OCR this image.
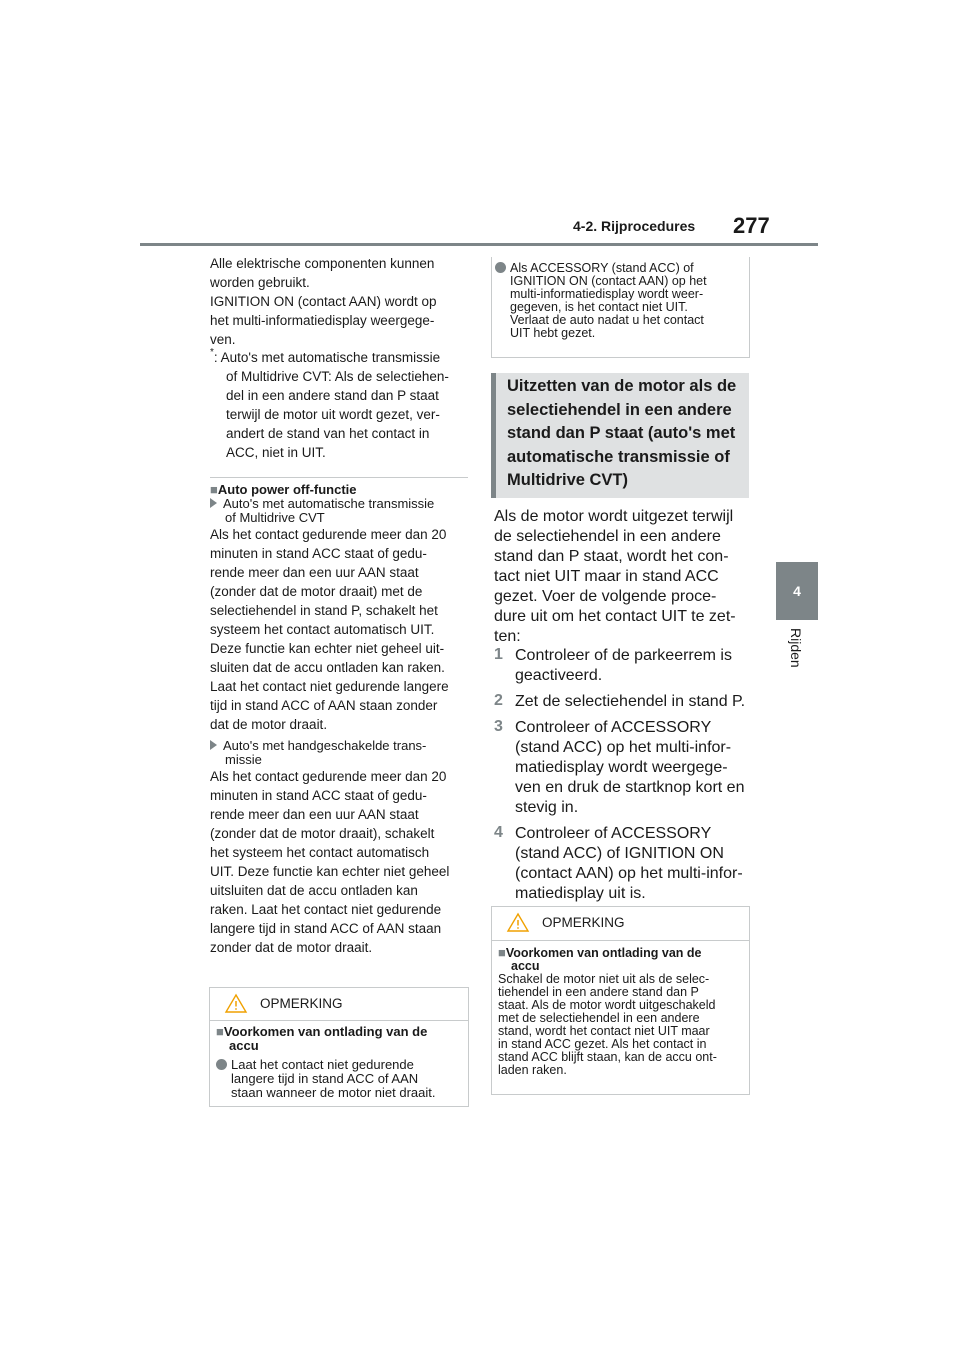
4-2. Rijprocedures 277
4
Rijden

Alle elektrische componenten kunnen

worden gebruikt.

IGNITION ON (contact AAN) wordt op

het multi-informatiedisplay weergege-

ven.

* : Auto's met automatische transmissie

of Multidrive CVT: Als de selectiehen-

del in een andere stand dan P staat

terwijl de motor uit wordt gezet, ver-

andert de stand van het contact in

ACC, niet in UIT.

■Auto power off-functie
Auto's met automatische transmissie
of Multidrive CVT

Als het contact gedurende meer dan 20

minuten in stand ACC staat of gedu-

rende meer dan een uur AAN staat

(zonder dat de motor draait) met de

selectiehendel in stand P, schakelt het

systeem het contact automatisch UIT.

Deze functie kan echter niet geheel uit-

sluiten dat de accu ontladen kan raken.

Laat het contact niet gedurende langere

tijd in stand ACC of AAN staan zonder

dat de motor draait.

Auto's met handgeschakelde trans-
missie

Als het contact gedurende meer dan 20

minuten in stand ACC staat of gedu-

rende meer dan een uur AAN staat

(zonder dat de motor draait), schakelt

het systeem het contact automatisch

UIT. Deze functie kan echter niet geheel

uitsluiten dat de accu ontladen kan

raken. Laat het contact niet gedurende

langere tijd in stand ACC of AAN staan

zonder dat de motor draait.

OPMERKING
■Voorkomen van ontlading van de
accu
Laat het contact niet gedurende
langere tijd in stand ACC of AAN
staan wanneer de motor niet draait.
Als ACCESSORY (stand ACC) of
IGNITION ON (contact AAN) op het
multi-informatiedisplay wordt weer-
gegeven, is het contact niet UIT.
Verlaat de auto nadat u het contact
UIT hebt gezet.
Uitzetten van de motor als de
selectiehendel in een andere
stand dan P staat (auto's met
automatische transmissie of
Multidrive CVT)

Als de motor wordt uitgezet terwijl

de selectiehendel in een andere

stand dan P staat, wordt het con-

tact niet UIT maar in stand ACC

gezet. Voer de volgende proce-

dure uit om het contact UIT te zet-

ten:

1 Controleer of de parkeerrem is

geactiveerd.

2 Zet de selectiehendel in stand P.

3 Controleer of ACCESSORY

(stand ACC) op het multi-infor-

matiedisplay wordt weergege-

ven en druk de startknop kort en

stevig in.

4 Controleer of ACCESSORY

(stand ACC) of IGNITION ON

(contact AAN) op het multi-infor-

matiedisplay uit is.

OPMERKING
■Voorkomen van ontlading van de
accu
Schakel de motor niet uit als de selec-
tiehendel in een andere stand dan P
staat. Als de motor wordt uitgeschakeld
met de selectiehendel in een andere
stand, wordt het contact niet UIT maar
in stand ACC gezet. Als het contact in
stand ACC blijft staan, kan de accu ont-
laden raken.
